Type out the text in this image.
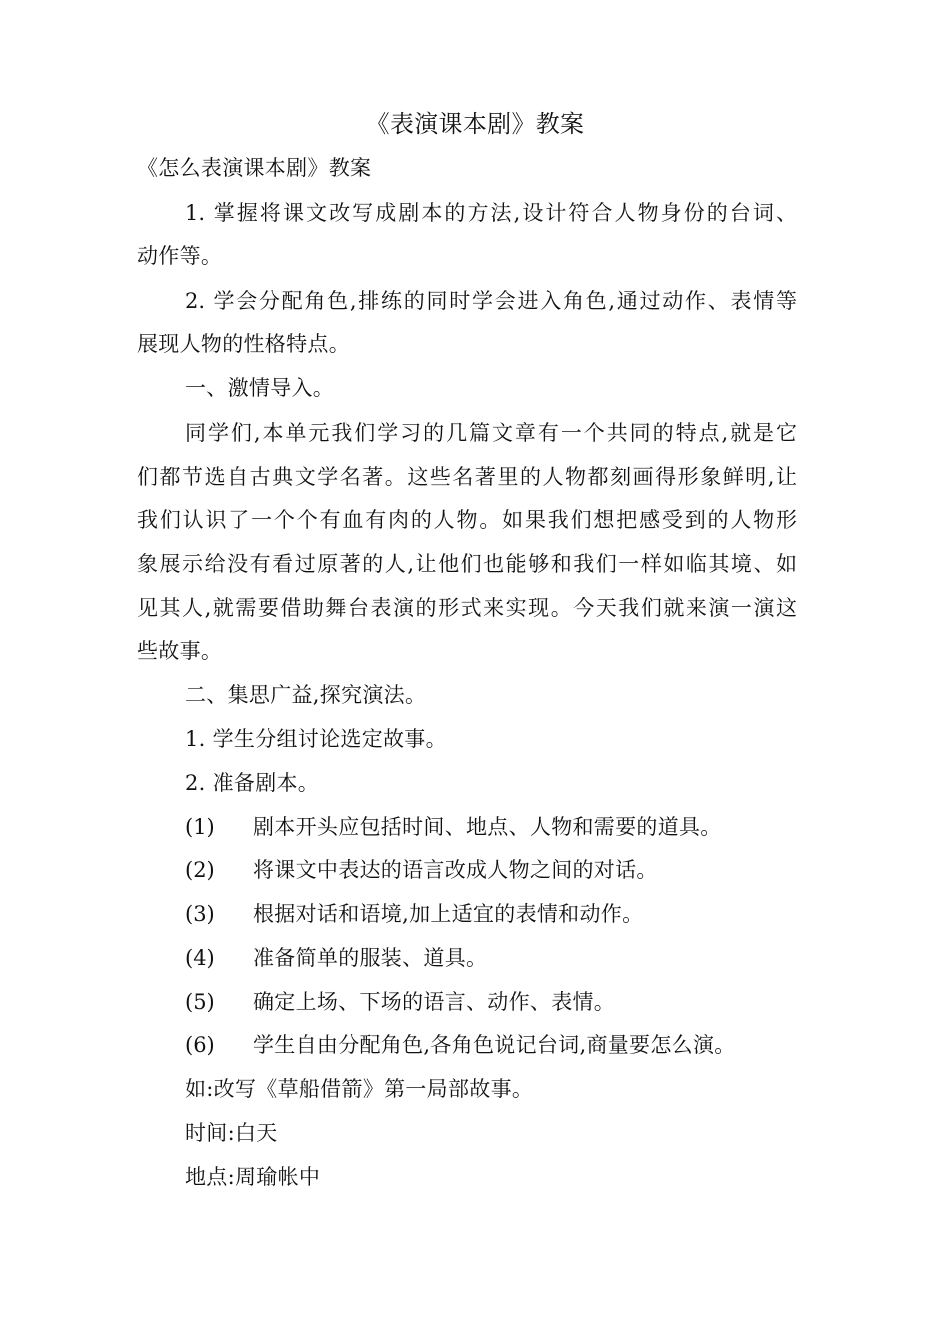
《表演课本剧》教案
《怎么表演课本剧》教案
1. 掌握将课文改写成剧本的方法,设计符合人物身份的台词、
动作等。
2. 学会分配角色,排练的同时学会进入角色,通过动作、表情等
展现人物的性格特点。
一、激情导入。
同学们,本单元我们学习的几篇文章有一个共同的特点,就是它
们都节选自古典文学名著。这些名著里的人物都刻画得形象鲜明,让
我们认识了一个个有血有肉的人物。如果我们想把感受到的人物形
象展示给没有看过原著的人,让他们也能够和我们一样如临其境、如
见其人,就需要借助舞台表演的形式来实现。今天我们就来演一演这
些故事。
二、集思广益,探究演法。
1. 学生分组讨论选定故事。
2. 准备剧本。
(1) 剧本开头应包括时间、地点、人物和需要的道具。
(2) 将课文中表达的语言改成人物之间的对话。
(3) 根据对话和语境,加上适宜的表情和动作。
(4) 准备简单的服装、道具。
(5) 确定上场、下场的语言、动作、表情。
(6) 学生自由分配角色,各角色说记台词,商量要怎么演。
如:改写《草船借箭》第一局部故事。
时间:白天
地点:周瑜帐中
